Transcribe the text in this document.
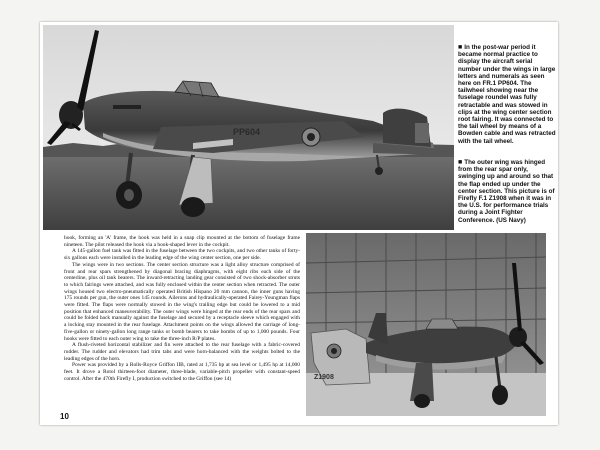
PP604
■ In the post-war period it became normal practice to display the aircraft serial number under the wings in large letters and numerals as seen here on FR.1 PP604. The tailwheel showing near the fuselage roundel was fully retractable and was stowed in clips at the wing center section root fairing. It was connected to the tail wheel by means of a Bowden cable and was retracted with the tail wheel.
■ The outer wing was hinged from the rear spar only, swinging up and around so that the flap ended up under the center section. This picture is of Firefly F.1 Z1908 when it was in the U.S. for performance trials during a Joint Fighter Conference. (US Navy)

hook, forming an 'A' frame, the hook was held in a snap clip mounted at the bottom of fuselage frame nineteen. The pilot released the hook via a hook-shaped lever in the cockpit.

A 145-gallon fuel tank was fitted in the fuselage between the two cockpits, and two other tanks of forty-six gallons each were installed in the leading edge of the wing center section, one per side.

The wings were in two sections. The center section structure was a light alloy structure comprised of front and rear spars strengthened by diagonal bracing diaphragms, with eight ribs each side of the centerline, plus oil tank bearers. The inward-retracting landing gear consisted of two shock-absorber struts to which fairings were attached, and was fully enclosed within the center section when retracted. The outer wings housed two electro-pneumatically operated British Hispano 20 mm cannon, the inner guns having 175 rounds per gun, the outer ones 145 rounds. Ailerons and hydraulically-operated Fairey-Youngman flaps were fitted. The flaps were normally stowed in the wing's trailing edge but could be lowered to a mid position that enhanced maneuverability. The outer wings were hinged at the rear ends of the rear spars and could be folded back manually against the fuselage and secured by a receptacle sleeve which engaged with a locking stay mounted in the rear fuselage. Attachment points on the wings allowed the carriage of long-five-gallon or ninety-gallon long range tanks or bomb bearers to take bombs of up to 1,000 pounds. Four hooks were fitted to each outer wing to take the three-inch R/P plates.

A flush-riveted horizontal stabilizer and fin were attached to the rear fuselage with a fabric-covered rudder. The rudder and elevators had trim tabs and were horn-balanced with the weights bolted to the leading edges of the horn.

Power was provided by a Rolls-Royce Griffon IIB, rated at 1,735 hp at sea level or 1,495 hp at 14,000 feet. It drove a Rotol thirteen-foot diameter, three-blade, variable-pitch propeller with constant-speed control. After the 470th Firefly I, production switched to the Griffon (see 14)	Z1908
10
